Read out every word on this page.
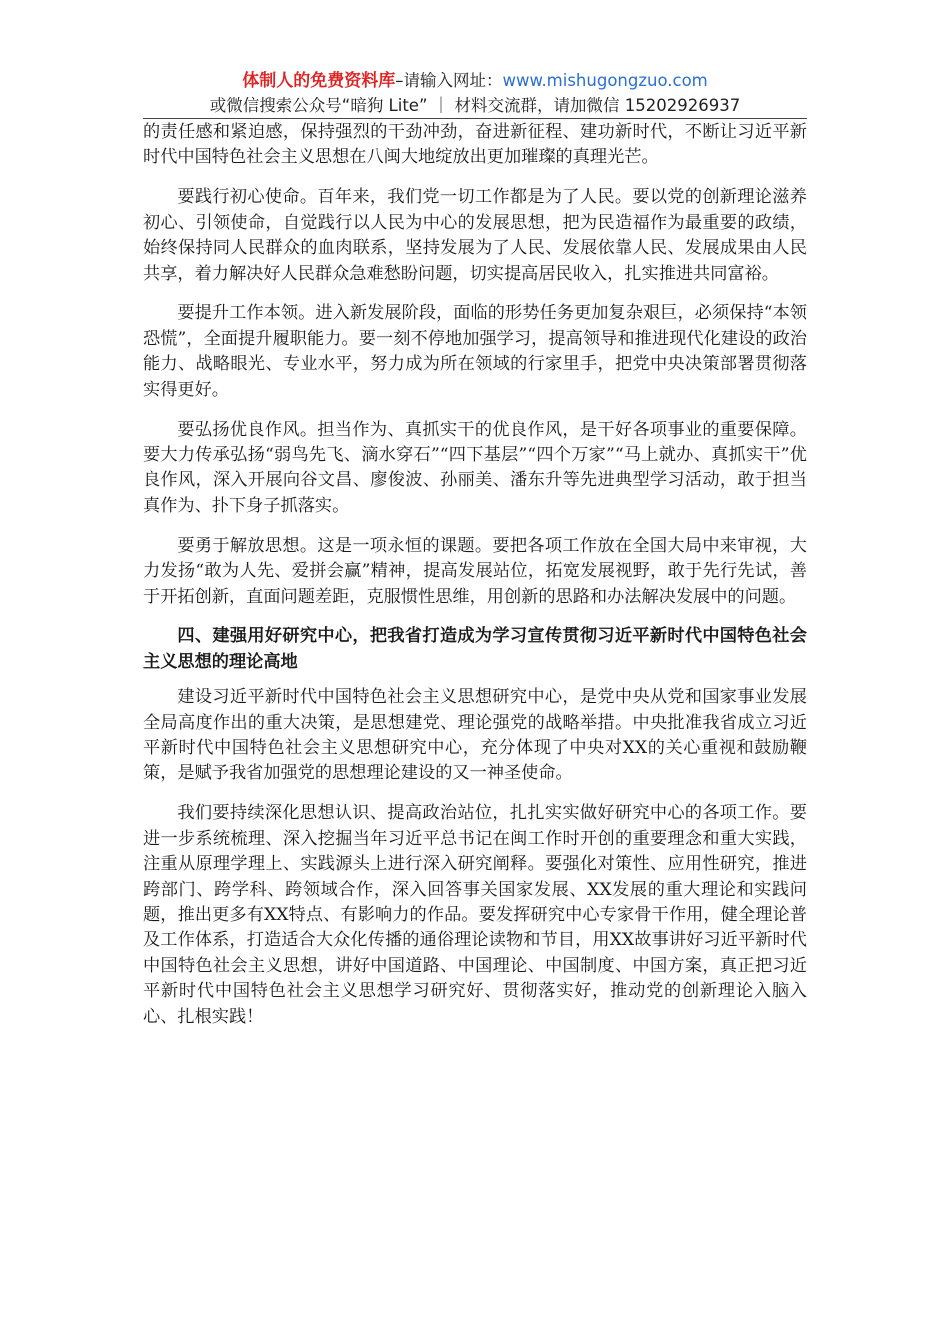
体制人的免费资料库–请输入网址：www.mishugongzuo.com
或微信搜索公众号“暗狗 Lite” ｜ 材料交流群，请加微信 15202926937

的责任感和紧迫感，保持强烈的干劲冲劲，奋进新征程、建功新时代，不断让习近平新时代中国特色社会主义思想在八闽大地绽放出更加璀璨的真理光芒。

要践行初心使命。百年来，我们党一切工作都是为了人民。要以党的创新理论滋养初心、引领使命，自觉践行以人民为中心的发展思想，把为民造福作为最重要的政绩，始终保持同人民群众的血肉联系，坚持发展为了人民、发展依靠人民、发展成果由人民共享，着力解决好人民群众急难愁盼问题，切实提高居民收入，扎实推进共同富裕。

要提升工作本领。进入新发展阶段，面临的形势任务更加复杂艰巨，必须保持“本领恐慌”，全面提升履职能力。要一刻不停地加强学习，提高领导和推进现代化建设的政治能力、战略眼光、专业水平，努力成为所在领域的行家里手，把党中央决策部署贯彻落实得更好。

要弘扬优良作风。担当作为、真抓实干的优良作风，是干好各项事业的重要保障。要大力传承弘扬“弱鸟先飞、滴水穿石”“四下基层”“四个万家”“马上就办、真抓实干”优良作风，深入开展向谷文昌、廖俊波、孙丽美、潘东升等先进典型学习活动，敢于担当真作为、扑下身子抓落实。

要勇于解放思想。这是一项永恒的课题。要把各项工作放在全国大局中来审视，大力发扬“敢为人先、爱拼会赢”精神，提高发展站位，拓宽发展视野，敢于先行先试，善于开拓创新，直面问题差距，克服惯性思维，用创新的思路和办法解决发展中的问题。

四、建强用好研究中心，把我省打造成为学习宣传贯彻习近平新时代中国特色社会主义思想的理论高地

建设习近平新时代中国特色社会主义思想研究中心，是党中央从党和国家事业发展全局高度作出的重大决策，是思想建党、理论强党的战略举措。中央批准我省成立习近平新时代中国特色社会主义思想研究中心，充分体现了中央对XX的关心重视和鼓励鞭策，是赋予我省加强党的思想理论建设的又一神圣使命。

我们要持续深化思想认识、提高政治站位，扎扎实实做好研究中心的各项工作。要进一步系统梳理、深入挖掘当年习近平总书记在闽工作时开创的重要理念和重大实践，注重从原理学理上、实践源头上进行深入研究阐释。要强化对策性、应用性研究，推进跨部门、跨学科、跨领域合作，深入回答事关国家发展、XX发展的重大理论和实践问题，推出更多有XX特点、有影响力的作品。要发挥研究中心专家骨干作用，健全理论普及工作体系，打造适合大众化传播的通俗理论读物和节目，用XX故事讲好习近平新时代中国特色社会主义思想，讲好中国道路、中国理论、中国制度、中国方案，真正把习近平新时代中国特色社会主义思想学习研究好、贯彻落实好，推动党的创新理论入脑入心、扎根实践！
